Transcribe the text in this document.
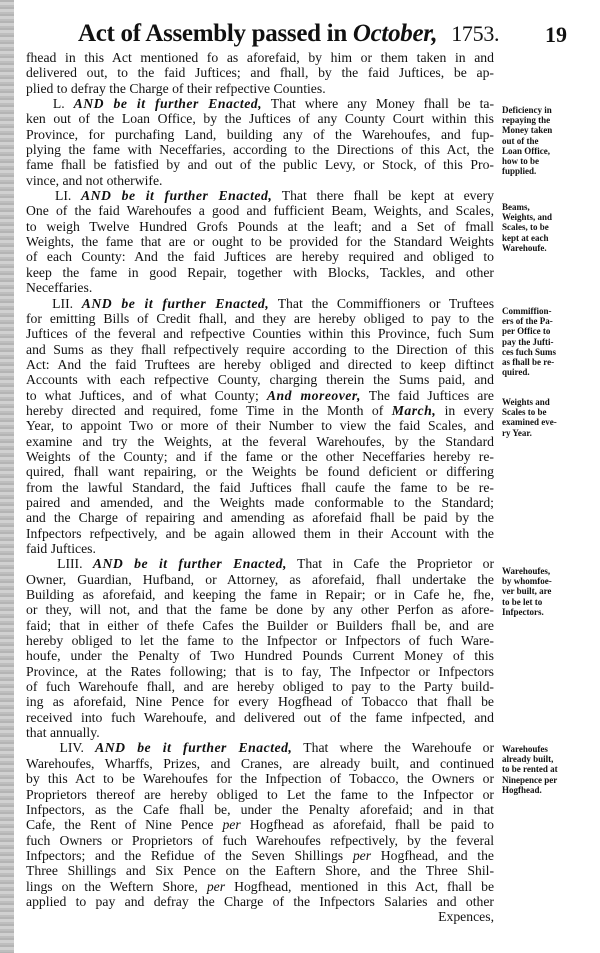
Act of Assembly passed in October, 1753.	19
fhead in this Act mentioned fo as aforefaid, by him or them taken in and
delivered out, to the faid Juftices; and fhall, by the faid Juftices, be ap-
plied to defray the Charge of their refpective Counties.
L. AND be it further Enacted, That where any Money fhall be ta-
ken out of the Loan Office, by the Juftices of any County Court within this
Province, for purchafing Land, building any of the Warehoufes, and fup-
plying the fame with Neceffaries, according to the Directions of this Act, the
fame fhall be fatisfied by and out of the public Levy, or Stock, of this Pro-
vince, and not otherwife.
LI. AND be it further Enacted, That there fhall be kept at every
One of the faid Warehoufes a good and fufficient Beam, Weights, and Scales,
to weigh Twelve Hundred Grofs Pounds at the leaft; and a Set of fmall
Weights, the fame that are or ought to be provided for the Standard Weights
of each County: And the faid Juftices are hereby required and obliged to
keep the fame in good Repair, together with Blocks, Tackles, and other
Neceffaries.
LII. AND be it further Enacted, That the Commiffioners or Truftees
for emitting Bills of Credit fhall, and they are hereby obliged to pay to the
Juftices of the feveral and refpective Counties within this Province, fuch Sum
and Sums as they fhall refpectively require according to the Direction of this
Act: And the faid Truftees are hereby obliged and directed to keep diftinct
Accounts with each refpective County, charging therein the Sums paid, and
to what Juftices, and of what County; And moreover, The faid Juftices are
hereby directed and required, fome Time in the Month of March, in every
Year, to appoint Two or more of their Number to view the faid Scales, and
examine and try the Weights, at the feveral Warehoufes, by the Standard
Weights of the County; and if the fame or the other Neceffaries hereby re-
quired, fhall want repairing, or the Weights be found deficient or differing
from the lawful Standard, the faid Juftices fhall caufe the fame to be re-
paired and amended, and the Weights made conformable to the Standard;
and the Charge of repairing and amending as aforefaid fhall be paid by the
Infpectors refpectively, and be again allowed them in their Account with the
faid Juftices.
LIII. AND be it further Enacted, That in Cafe the Proprietor or
Owner, Guardian, Hufband, or Attorney, as aforefaid, fhall undertake the
Building as aforefaid, and keeping the fame in Repair; or in Cafe he, fhe,
or they, will not, and that the fame be done by any other Perfon as afore-
faid; that in either of thefe Cafes the Builder or Builders fhall be, and are
hereby obliged to let the fame to the Infpector or Infpectors of fuch Ware-
houfe, under the Penalty of Two Hundred Pounds Current Money of this
Province, at the Rates following; that is to fay, The Infpector or Infpectors
of fuch Warehoufe fhall, and are hereby obliged to pay to the Party build-
ing as aforefaid, Nine Pence for every Hogfhead of Tobacco that fhall be
received into fuch Warehoufe, and delivered out of the fame infpected, and
that annually.
LIV. AND be it further Enacted, That where the Warehoufe or
Warehoufes, Wharffs, Prizes, and Cranes, are already built, and continued
by this Act to be Warehoufes for the Infpection of Tobacco, the Owners or
Proprietors thereof are hereby obliged to Let the fame to the Infpector or
Infpectors, as the Cafe fhall be, under the Penalty aforefaid; and in that
Cafe, the Rent of Nine Pence per Hogfhead as aforefaid, fhall be paid to
fuch Owners or Proprietors of fuch Warehoufes refpectively, by the feveral
Infpectors; and the Refidue of the Seven Shillings per Hogfhead, and the
Three Shillings and Six Pence on the Eaftern Shore, and the Three Shil-
lings on the Weftern Shore, per Hogfhead, mentioned in this Act, fhall be
applied to pay and defray the Charge of the Infpectors Salaries and other
Expences,
Deficiency in
repaying the
Money taken
out of the
Loan Office,
how to be
fupplied.
Beams,
Weights, and
Scales, to be
kept at each
Warehoufe.
Commiffion-
ers of the Pa-
per Office to
pay the Jufti-
ces fuch Sums
as fhall be re-
quired.
Weights and
Scales to be
examined eve-
ry Year.
Warehoufes,
by whomfoe-
ver built, are
to be let to
Infpectors.
Warehoufes
already built,
to be rented at
Ninepence per
Hogfhead.
